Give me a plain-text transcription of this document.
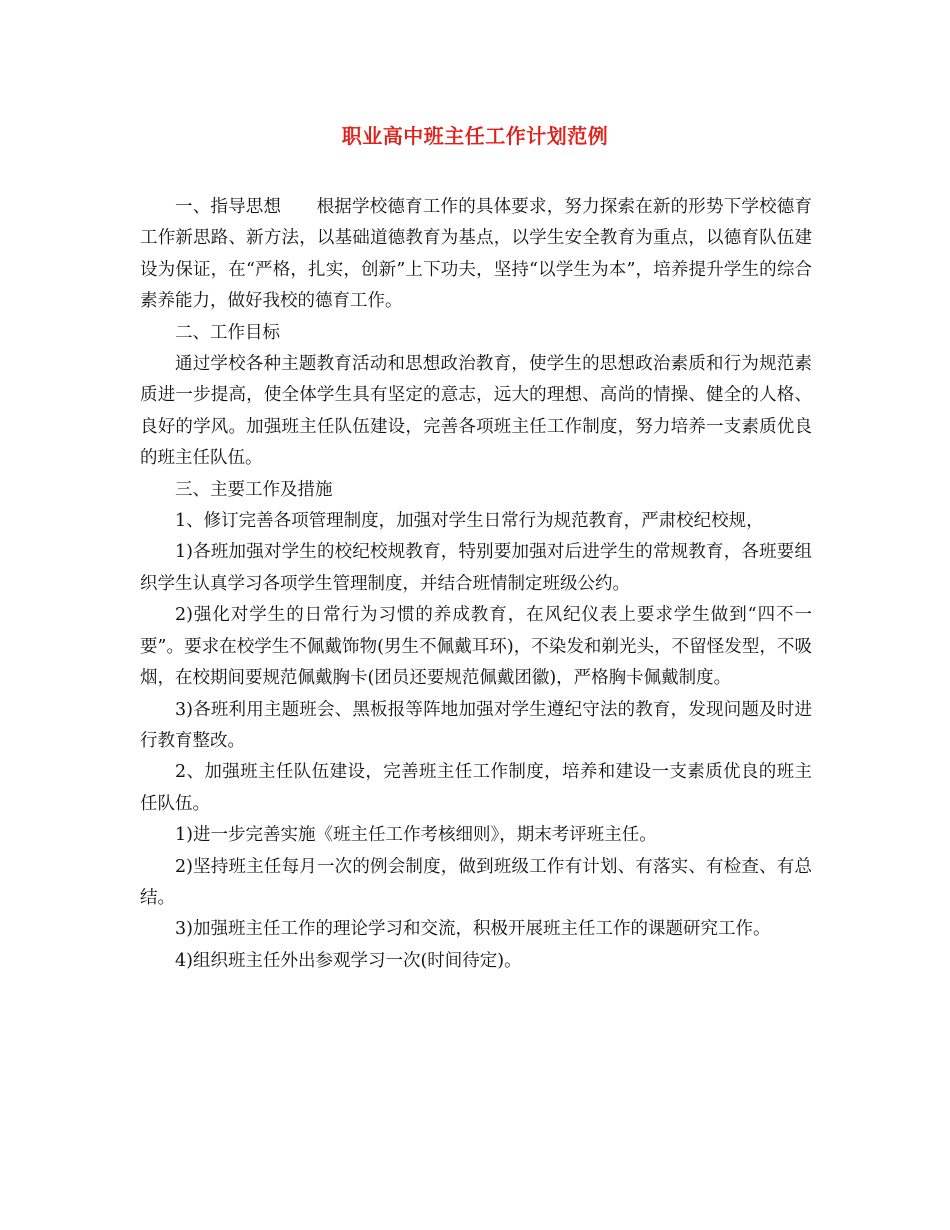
职业高中班主任工作计划范例

一、指导思想　　根据学校德育工作的具体要求，努力探索在新的形势下学校德育工作新思路、新方法，以基础道德教育为基点，以学生安全教育为重点，以德育队伍建设为保证，在“严格，扎实，创新”上下功夫，坚持“以学生为本”，培养提升学生的综合素养能力，做好我校的德育工作。

二、工作目标

通过学校各种主题教育活动和思想政治教育，使学生的思想政治素质和行为规范素质进一步提高，使全体学生具有坚定的意志，远大的理想、高尚的情操、健全的人格、良好的学风。加强班主任队伍建设，完善各项班主任工作制度，努力培养一支素质优良的班主任队伍。

三、主要工作及措施

1、修订完善各项管理制度，加强对学生日常行为规范教育，严肃校纪校规，

1)各班加强对学生的校纪校规教育，特别要加强对后进学生的常规教育，各班要组织学生认真学习各项学生管理制度，并结合班情制定班级公约。

2)强化对学生的日常行为习惯的养成教育，在风纪仪表上要求学生做到“四不一要”。要求在校学生不佩戴饰物(男生不佩戴耳环)，不染发和剃光头，不留怪发型，不吸烟，在校期间要规范佩戴胸卡(团员还要规范佩戴团徽)，严格胸卡佩戴制度。

3)各班利用主题班会、黑板报等阵地加强对学生遵纪守法的教育，发现问题及时进行教育整改。

2、加强班主任队伍建设，完善班主任工作制度，培养和建设一支素质优良的班主任队伍。

1)进一步完善实施《班主任工作考核细则》，期末考评班主任。

2)坚持班主任每月一次的例会制度，做到班级工作有计划、有落实、有检查、有总结。

3)加强班主任工作的理论学习和交流，积极开展班主任工作的课题研究工作。

4)组织班主任外出参观学习一次(时间待定)。
